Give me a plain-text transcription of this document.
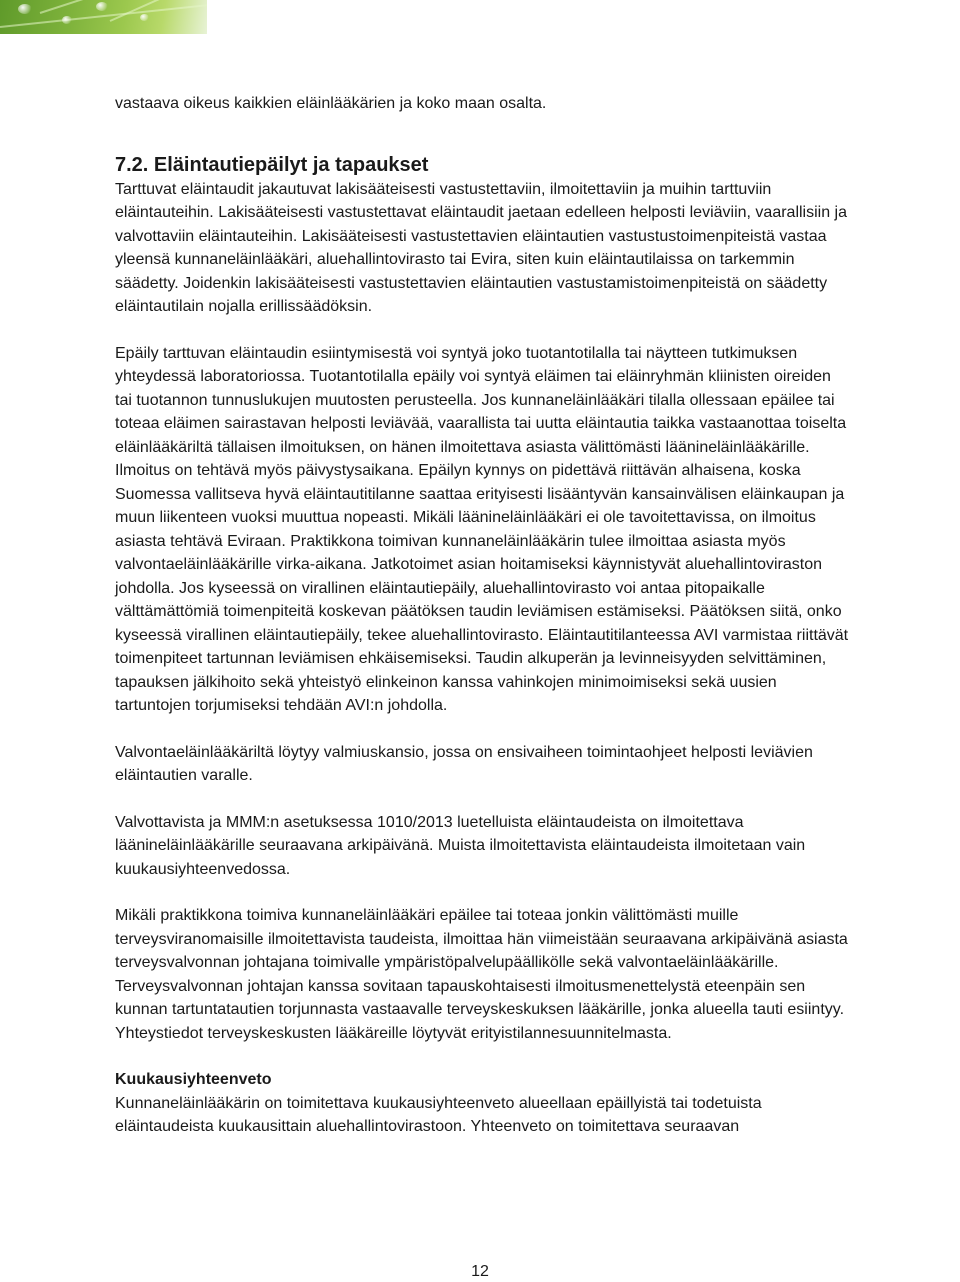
vastaava oikeus kaikkien eläinlääkärien ja koko maan osalta.

7.2. Eläintautiepäilyt ja tapaukset

Tarttuvat eläintaudit jakautuvat lakisääteisesti vastustettaviin, ilmoitettaviin ja muihin tarttuviin eläintauteihin. Lakisääteisesti vastustettavat eläintaudit jaetaan edelleen helposti leviäviin, vaarallisiin ja valvottaviin eläintauteihin. Lakisääteisesti vastustettavien eläintautien vastustustoimenpiteistä vastaa yleensä kunnaneläinlääkäri, aluehallintovirasto tai Evira, siten kuin eläintautilaissa on tarkemmin säädetty. Joidenkin lakisääteisesti vastustettavien eläintautien vastustamistoimenpiteistä on säädetty eläintautilain nojalla erillissäädöksin.

Epäily tarttuvan eläintaudin esiintymisestä voi syntyä joko tuotantotilalla tai näytteen tutkimuksen yhteydessä laboratoriossa. Tuotantotilalla epäily voi syntyä eläimen tai eläinryhmän kliinisten oireiden tai tuotannon tunnuslukujen muutosten perusteella. Jos kunnaneläinlääkäri tilalla ollessaan epäilee tai toteaa eläimen sairastavan helposti leviävää, vaarallista tai uutta eläintautia taikka vastaanottaa toiselta eläinlääkäriltä tällaisen ilmoituksen, on hänen ilmoitettava asiasta välittömästi lääninеläinlääkärille. Ilmoitus on tehtävä myös päivystysaikana. Epäilyn kynnys on pidettävä riittävän alhaisena, koska Suomessa vallitseva hyvä eläintautitilanne saattaa erityisesti lisääntyvän kansainvälisen eläinkaupan ja muun liikenteen vuoksi muuttua nopeasti. Mikäli lääninеläinlääkäri ei ole tavoitettavissa, on ilmoitus asiasta tehtävä Eviraan. Praktikkona toimivan kunnaneläinlääkärin tulee ilmoittaa asiasta myös valvontaeläinlääkärille virka-aikana. Jatkotoimet asian hoitamiseksi käynnistyvät aluehallintoviraston johdolla. Jos kyseessä on virallinen eläintautiepäily, aluehallintovirasto voi antaa pitopaikalle välttämättömiä toimenpiteitä koskevan päätöksen taudin leviämisen estämiseksi. Päätöksen siitä, onko kyseessä virallinen eläintautiepäily, tekee aluehallintovirasto. Eläintautitilanteessa AVI varmistaa riittävät toimenpiteet tartunnan leviämisen ehkäisemiseksi. Taudin alkuperän ja levinneisyyden selvittäminen, tapauksen jälkihoito sekä yhteistyö elinkeinon kanssa vahinkojen minimoimiseksi sekä uusien tartuntojen torjumiseksi tehdään AVI:n johdolla.

Valvontaeläinlääkäriltä löytyy valmiuskansio, jossa on ensivaiheen toimintaohjeet helposti leviävien eläintautien varalle.

Valvottavista ja MMM:n asetuksessa 1010/2013 luetelluista eläintaudeista on ilmoitettava lääninеläinlääkärille seuraavana arkipäivänä. Muista ilmoitettavista eläintaudeista ilmoitetaan vain kuukausiyhteenvedossa.

Mikäli praktikkona toimiva kunnaneläinlääkäri epäilee tai toteaa jonkin välittömästi muille terveysviranomaisille ilmoitettavista taudeista, ilmoittaa hän viimeistään seuraavana arkipäivänä asiasta terveysvalvonnan johtajana toimivalle ympäristöpalvelupäällikölle sekä valvontaeläinlääkärille. Terveysvalvonnan johtajan kanssa sovitaan tapauskohtaisesti ilmoitusmenettelystä eteenpäin sen kunnan tartuntatautien torjunnasta vastaavalle terveyskeskuksen lääkärille, jonka alueella tauti esiintyy. Yhteystiedot terveyskeskusten lääkäreille löytyvät erityistilannesuunnitelmasta.

Kuukausiyhteenveto

Kunnaneläinlääkärin on toimitettava kuukausiyhteenveto alueellaan epäillyistä tai todetuista eläintaudeista kuukausittain aluehallintovirastoon. Yhteenveto on toimitettava seuraavan

12
